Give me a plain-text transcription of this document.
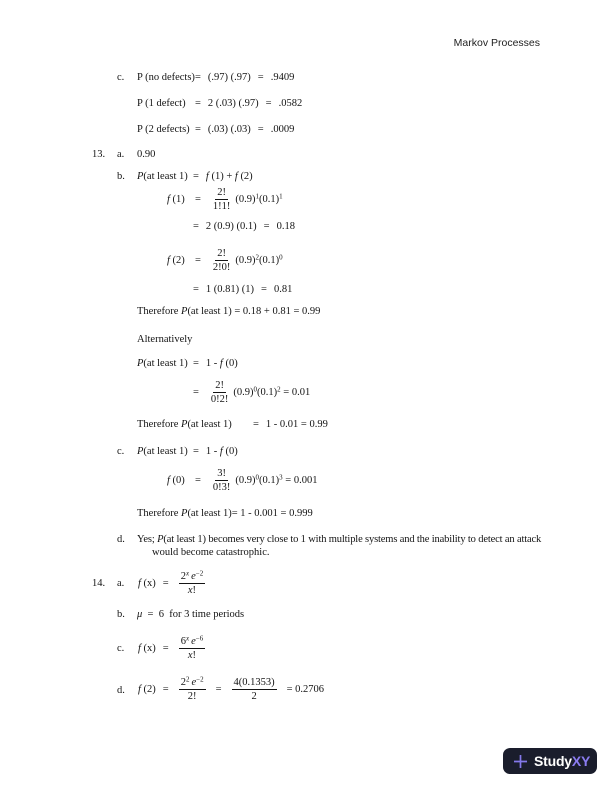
Markov Processes
c. P (no defects) = (.97) (.97) = .9409
P (1 defect) = 2 (.03) (.97) = .0582
P (2 defects) = (.03) (.03) = .0009
13. a. 0.90
b. P (at least 1) = f (1) + f (2)
f $(1) = \frac{2!}{1!1!} (0.9)^1(0.1)^1$
= 2 (0.9) (0.1) = 0.18
f $(2) = \frac{2!}{2!0!} (0.9)^2(0.1)^0$
= 1 (0.81) (1) = 0.81
Therefore P (at least 1) = 0.18 + 0.81 = 0.99
Alternatively
P (at least 1) = 1 - f (0)
= $\frac{2!}{0!2!} (0.9)^0(0.1)^2 = 0.01$
Therefore P (at least 1) = 1 - 0.01 = 0.99
c. P (at least 1) = 1 - f (0)
f $(0) = \frac{3!}{0!3!} (0.9)^0(0.1)^3 = 0.001$
Therefore P (at least 1)= 1 - 0.001 = 0.999
d. Yes; P (at least 1) becomes very close to 1 with multiple systems and the inability to detect an attack
would become catastrophic.
14. a. f $(x) = \frac{2^x e^{-2}}{x!}$
b. μ =  6  for 3 time periods
c. f $(x) = \frac{6^x e^{-6}}{x!}$
d. f $(2) = \frac{2^2 e^{-2}}{2!} = \frac{4(0.1353)}{2} = 0.2706$
Study XY
